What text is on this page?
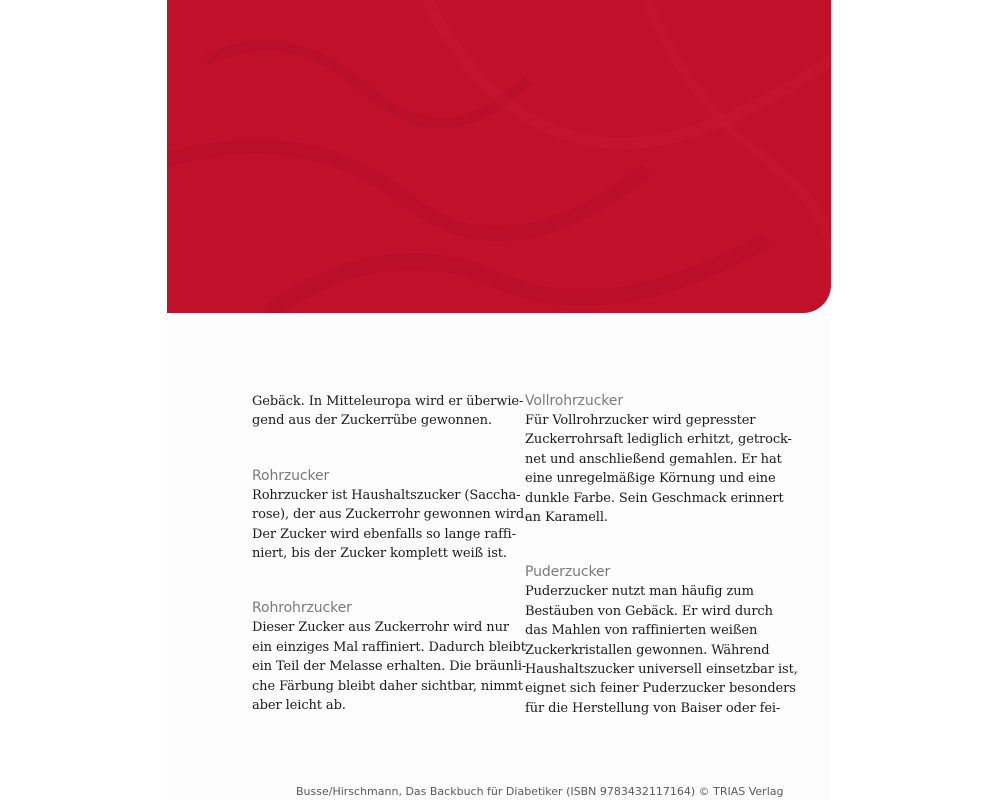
Gebäck. In Mitteleuropa wird er überwie-
gend aus der Zuckerrübe gewonnen.

Rohrzucker

Rohrzucker ist Haushaltszucker (Saccha-
rose), der aus Zuckerrohr gewonnen wird.
Der Zucker wird ebenfalls so lange raffi-
niert, bis der Zucker komplett weiß ist.

Rohrohrzucker

Dieser Zucker aus Zuckerrohr wird nur
ein einziges Mal raffiniert. Dadurch bleibt
ein Teil der Melasse erhalten. Die bräunli-
che Färbung bleibt daher sichtbar, nimmt
aber leicht ab.

Vollrohrzucker

Für Vollrohrzucker wird gepresster
Zuckerrohrsaft lediglich erhitzt, getrock-
net und anschließend gemahlen. Er hat
eine unregelmäßige Körnung und eine
dunkle Farbe. Sein Geschmack erinnert
an Karamell.

Puderzucker

Puderzucker nutzt man häufig zum
Bestäuben von Gebäck. Er wird durch
das Mahlen von raffinierten weißen
Zuckerkristallen gewonnen. Während
Haushaltszucker universell einsetzbar ist,
eignet sich feiner Puderzucker besonders
für die Herstellung von Baiser oder fei-

Busse/Hirschmann, Das Backbuch für Diabetiker (ISBN 9783432117164) © TRIAS Verlag
